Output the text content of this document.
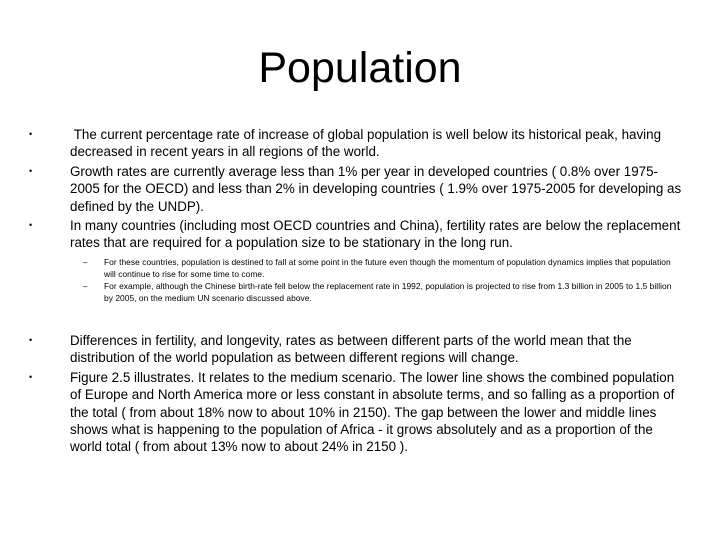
Population
•	The current percentage rate of increase of global population is well below its historical peak, having decreased in recent years in all regions of the world.
•	Growth rates are currently average less than 1% per year in developed countries ( 0.8% over 1975-2005 for the OECD) and less than 2% in developing countries ( 1.9% over 1975-2005 for developing as defined by the UNDP).
•	In many countries (including most OECD countries and China), fertility rates are below the replacement rates that are required for a population size to be stationary in the long run.
– For these countries, population is destined to fall at some point in the future even though the momentum of population dynamics implies that population will continue to rise for some time to come.
– For example, although the Chinese birth-rate fell below the replacement rate in 1992, population is projected to rise from 1.3 billion in 2005 to 1.5 billion by 2005, on the medium UN scenario discussed above.
•	Differences in fertility, and longevity, rates as between different parts of the world mean that the distribution of the world population as between different regions will change.
•	Figure 2.5 illustrates. It relates to the medium scenario. The lower line shows the combined population of Europe and North America more or less constant in absolute terms, and so falling as a proportion of the total ( from about 18% now to about 10% in 2150). The gap between the lower and middle lines shows what is happening to the population of Africa - it grows absolutely and as a proportion of the world total ( from about 13% now to about 24% in 2150 ).
